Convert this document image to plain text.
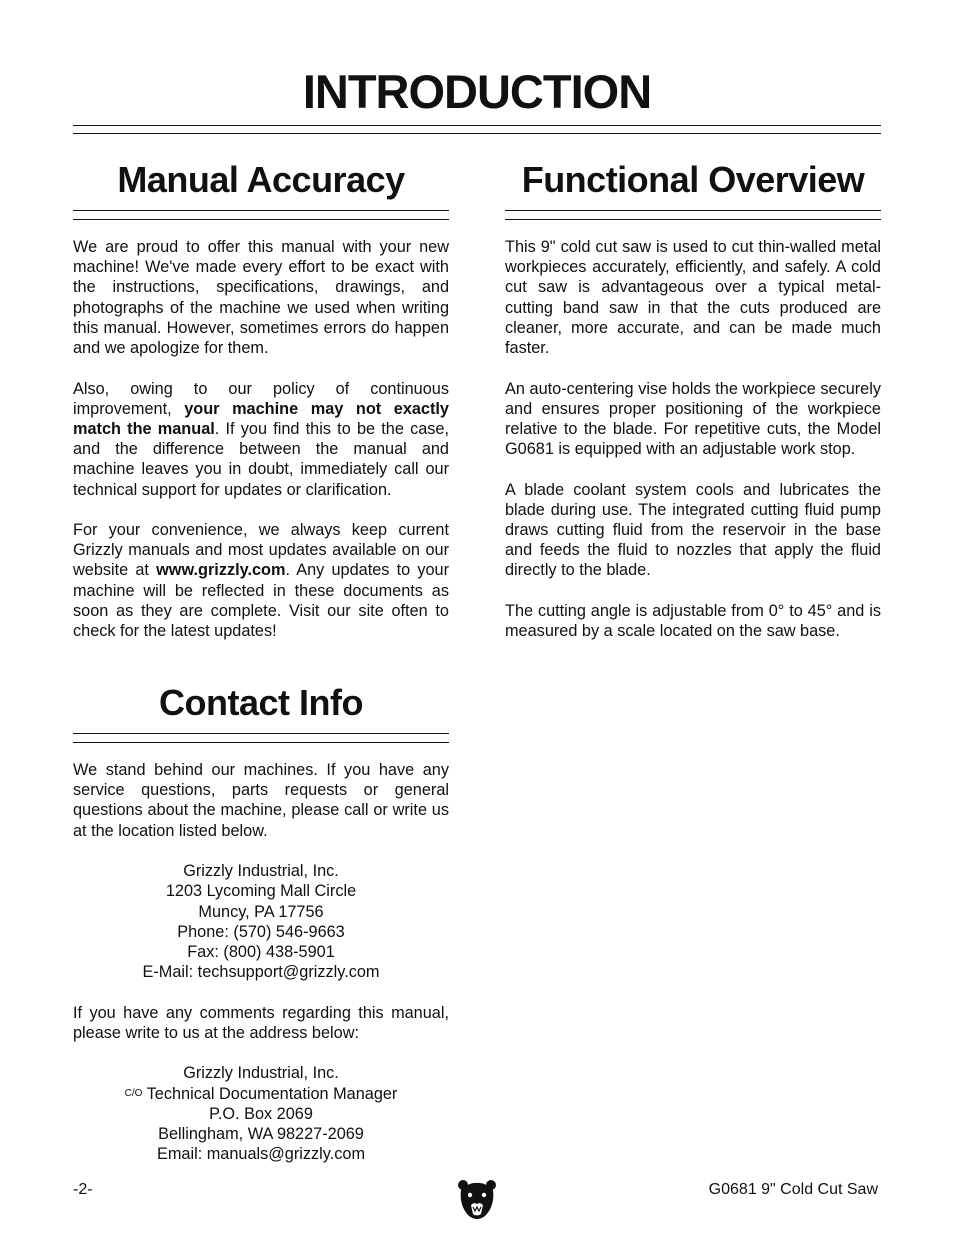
INTRODUCTION
Manual Accuracy

We are proud to offer this manual with your new machine! We've made every effort to be exact with the instructions, specifications, drawings, and photographs of the machine we used when writing this manual. However, sometimes errors do happen and we apologize for them.

Also, owing to our policy of continuous improvement, your machine may not exactly match the manual. If you find this to be the case, and the difference between the manual and machine leaves you in doubt, immediately call our technical support for updates or clarification.

For your convenience, we always keep current Grizzly manuals and most updates available on our website at www.grizzly.com. Any updates to your machine will be reflected in these documents as soon as they are complete. Visit our site often to check for the latest updates!

Contact Info

We stand behind our machines. If you have any service questions, parts requests or general questions about the machine, please call or write us at the location listed below.

Grizzly Industrial, Inc.
1203 Lycoming Mall Circle
Muncy, PA 17756
Phone: (570) 546-9663
Fax: (800) 438-5901
E-Mail: techsupport@grizzly.com

If you have any comments regarding this manual, please write to us at the address below:

Grizzly Industrial, Inc.
$^{C/O}$ Technical Documentation Manager
P.O. Box 2069
Bellingham, WA 98227-2069
Email: manuals@grizzly.com
Functional Overview

This 9" cold cut saw is used to cut thin-walled metal workpieces accurately, efficiently, and safely. A cold cut saw is advantageous over a typical metal-cutting band saw in that the cuts produced are cleaner, more accurate, and can be made much faster.

An auto-centering vise holds the workpiece securely and ensures proper positioning of the workpiece relative to the blade. For repetitive cuts, the Model G0681 is equipped with an adjustable work stop.

A blade coolant system cools and lubricates the blade during use. The integrated cutting fluid pump draws cutting fluid from the reservoir in the base and feeds the fluid to nozzles that apply the fluid directly to the blade.

The cutting angle is adjustable from 0° to 45° and is measured by a scale located on the saw base.

-2-	G0681 9" Cold Cut Saw
